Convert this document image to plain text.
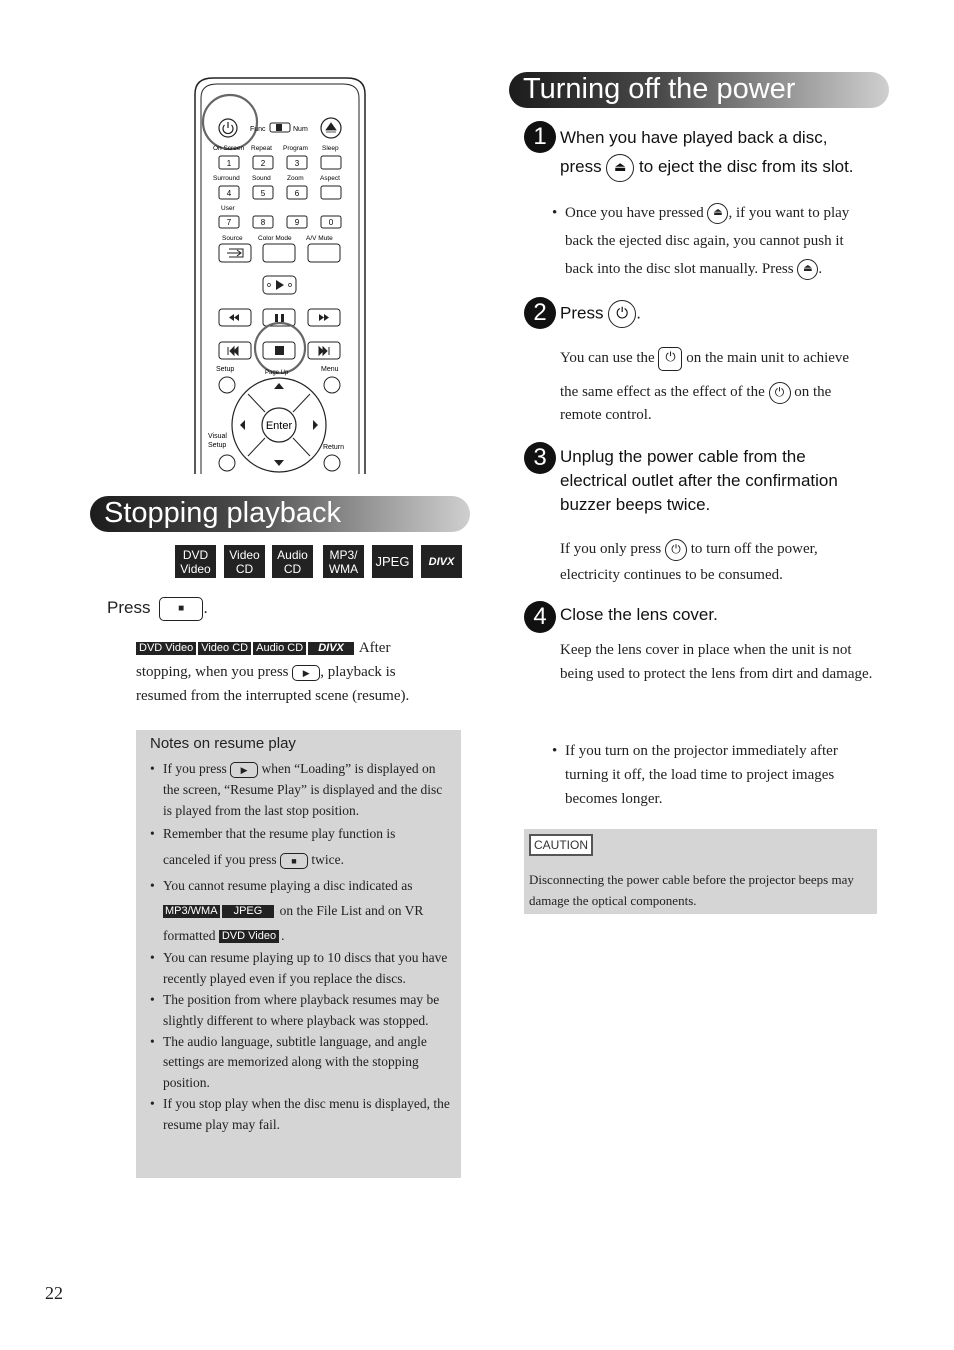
Func	Num
On Screen Repeat Program Sleep
1	2	3
Surround Sound Zoom	Aspect
4	5	6
User
7	8	9	0
Source Color Mode A/V Mute
Setup	Page Up	Menu
Enter
Visual
Setup	Return
Stopping playback
DVD
Video
Video
CD
Audio
CD
MP3/
WMA JPEG DIVX
Press	■ .
DVD Video Video CD Audio CD DIVX After
stopping, when you press ▶ , playback is
resumed from the interrupted scene (resume).
Notes on resume play
• If you press ▶ when “Loading” is displayed on the screen, “Resume Play” is displayed and the disc is played from the last stop position.
• Remember that the resume play function is
canceled if you press ■ twice.
• You cannot resume playing a disc indicated as
MP3/WMA JPEG on the File List and on VR
formatted DVD Video .
• You can resume playing up to 10 discs that you have recently played even if you replace the discs.
• The position from where playback resumes may be slightly different to where playback was stopped.
• The audio language, subtitle language, and angle settings are memorized along with the stopping position.
• If you stop play when the disc menu is displayed, the resume play may fail.
Turning off the power
1 When you have played back a disc,
press ⏏ to eject the disc from its slot.
• Once you have pressed ⏏ , if you want to play
back the ejected disc again, you cannot push it
back into the disc slot manually. Press ⏏ .
2 Press ⏻ .
You can use the ⏻ on the main unit to achieve
the same effect as the effect of the ⏻ on the
remote control.
3 Unplug the power cable from the electrical outlet after the confirmation buzzer beeps twice.
If you only press ⏻ to turn off the power,
electricity continues to be consumed.
4 Close the lens cover.
Keep the lens cover in place when the unit is not being used to protect the lens from dirt and damage.
• If you turn on the projector immediately after turning it off, the load time to project images becomes longer.
CAUTION
Disconnecting the power cable before the projector beeps may damage the optical components.
22
